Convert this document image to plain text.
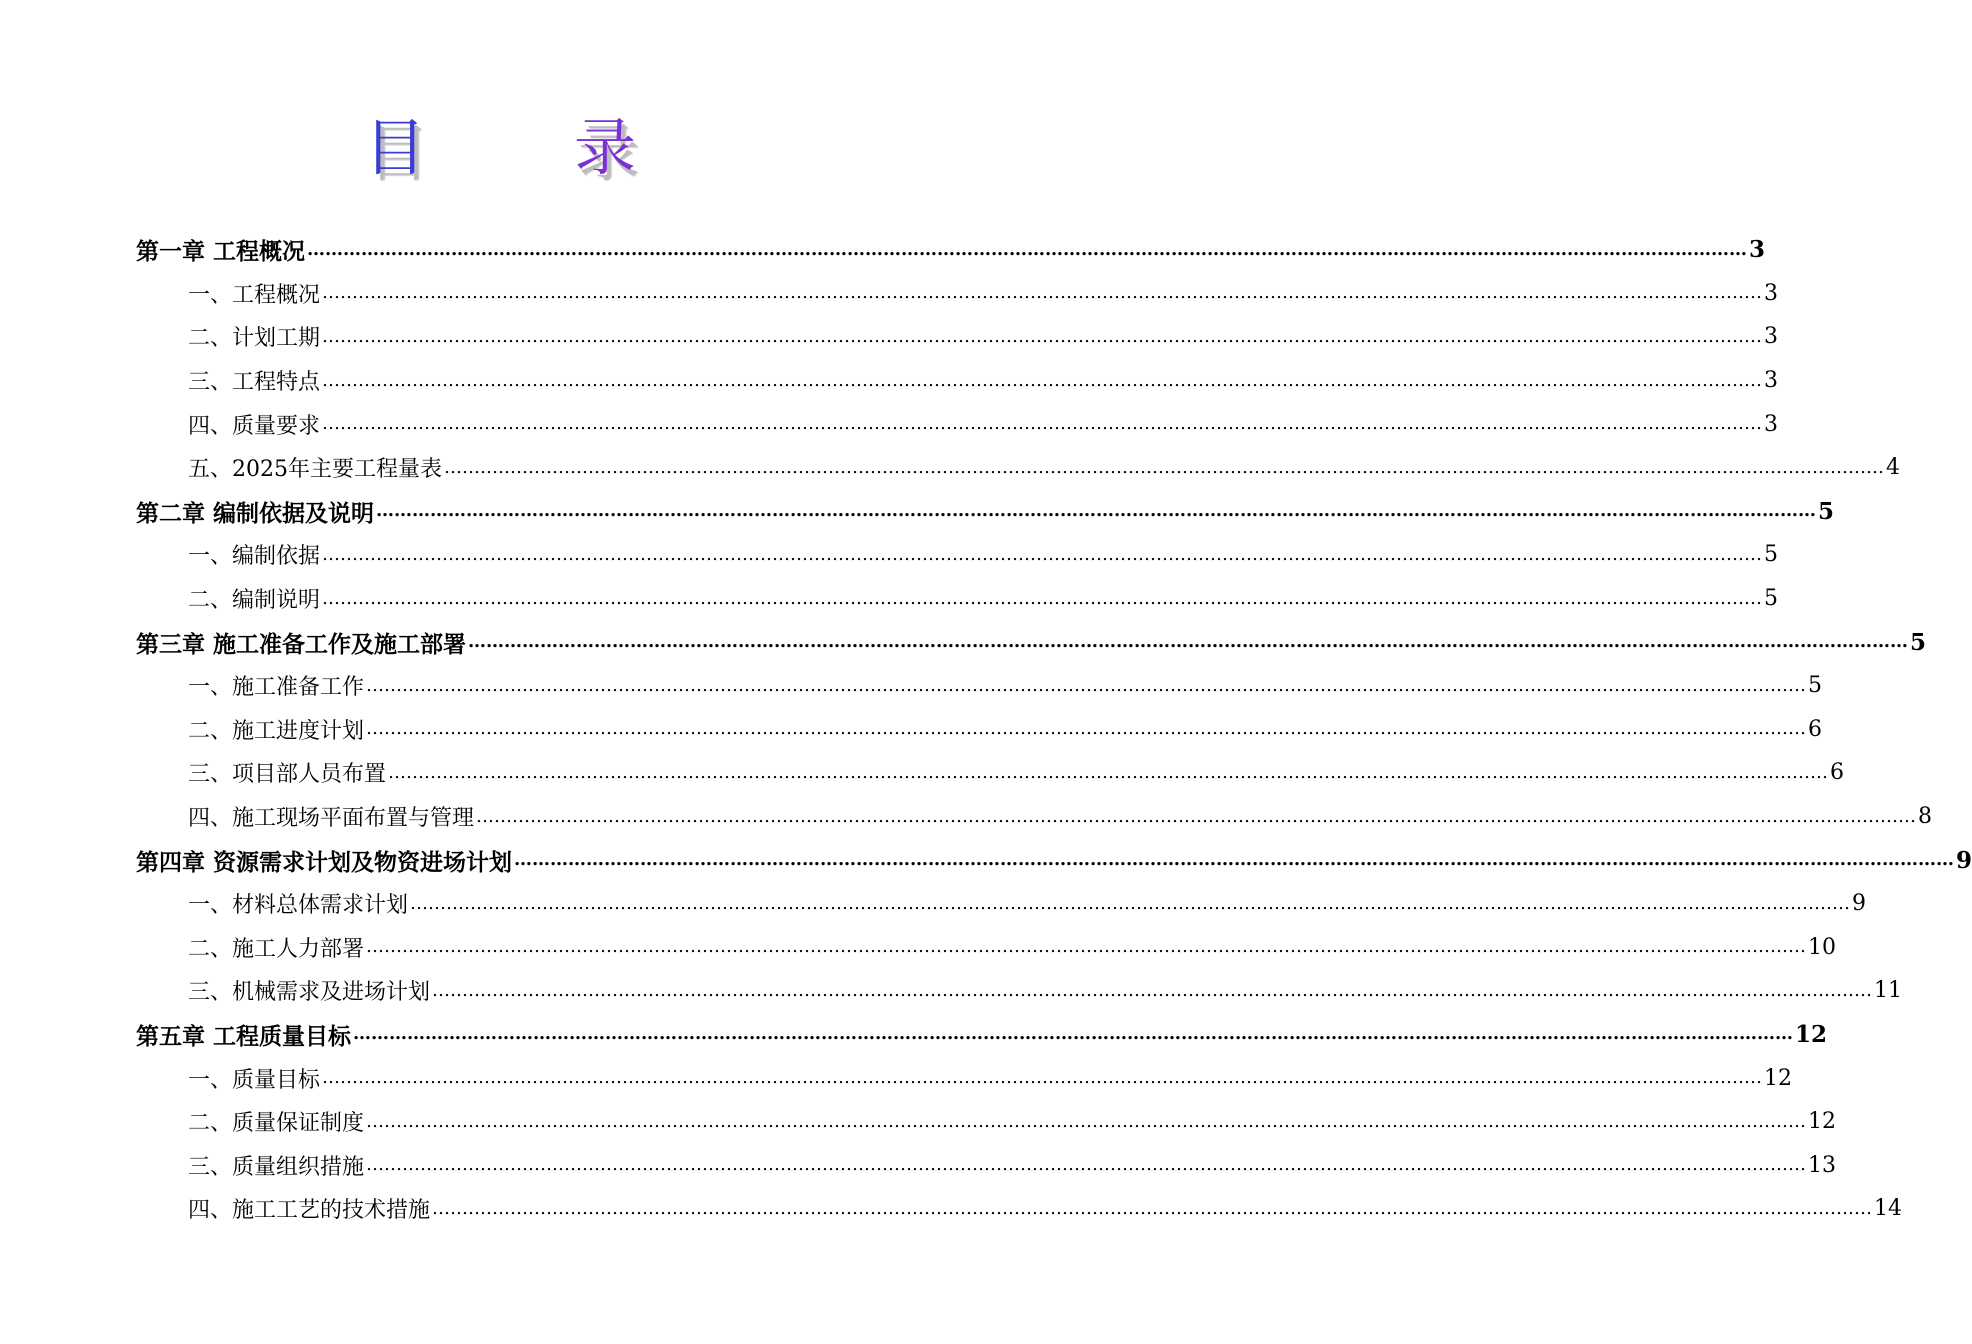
目 录
第一章 工程概况 …………………………………………………………………………………………………………………………………………………………………………………………………………………… 3
一、工程概况 …………………………………………………………………………………………………………………………………………………………………………………………………………………… 3
二、计划工期 …………………………………………………………………………………………………………………………………………………………………………………………………………………… 3
三、工程特点 …………………………………………………………………………………………………………………………………………………………………………………………………………………… 3
四、质量要求 …………………………………………………………………………………………………………………………………………………………………………………………………………………… 3
五、2025年主要工程量表 …………………………………………………………………………………………………………………………………………………………………………………………………………………… 4
第二章 编制依据及说明 …………………………………………………………………………………………………………………………………………………………………………………………………………………… 5
一、编制依据 …………………………………………………………………………………………………………………………………………………………………………………………………………………… 5
二、编制说明 …………………………………………………………………………………………………………………………………………………………………………………………………………………… 5
第三章 施工准备工作及施工部署 …………………………………………………………………………………………………………………………………………………………………………………………………………………… 5
一、施工准备工作 …………………………………………………………………………………………………………………………………………………………………………………………………………………… 5
二、施工进度计划 …………………………………………………………………………………………………………………………………………………………………………………………………………………… 6
三、项目部人员布置 …………………………………………………………………………………………………………………………………………………………………………………………………………………… 6
四、施工现场平面布置与管理 …………………………………………………………………………………………………………………………………………………………………………………………………………………… 8
第四章 资源需求计划及物资进场计划 …………………………………………………………………………………………………………………………………………………………………………………………………………………… 9
一、材料总体需求计划 …………………………………………………………………………………………………………………………………………………………………………………………………………………… 9
二、施工人力部署 …………………………………………………………………………………………………………………………………………………………………………………………………………………… 10
三、机械需求及进场计划 …………………………………………………………………………………………………………………………………………………………………………………………………………………… 11
第五章 工程质量目标 …………………………………………………………………………………………………………………………………………………………………………………………………………………… 12
一、质量目标 …………………………………………………………………………………………………………………………………………………………………………………………………………………… 12
二、质量保证制度 …………………………………………………………………………………………………………………………………………………………………………………………………………………… 12
三、质量组织措施 …………………………………………………………………………………………………………………………………………………………………………………………………………………… 13
四、施工工艺的技术措施 …………………………………………………………………………………………………………………………………………………………………………………………………………………… 14
